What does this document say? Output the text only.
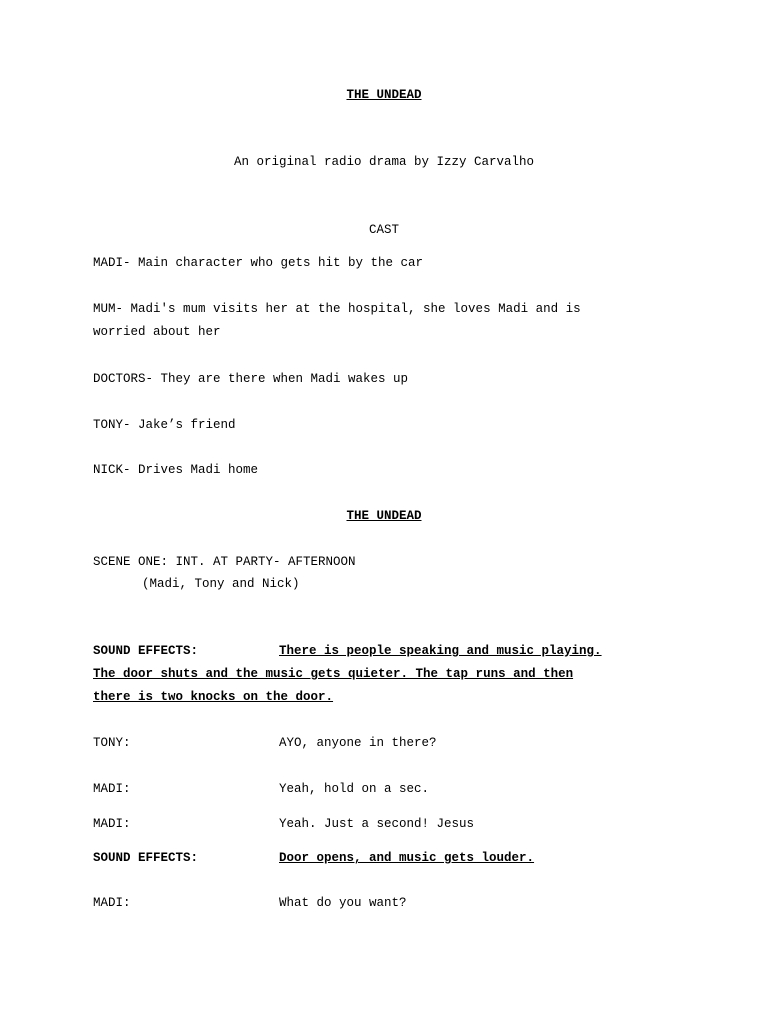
THE UNDEAD
An original radio drama by Izzy Carvalho
CAST
MADI- Main character who gets hit by the car
MUM- Madi's mum visits her at the hospital, she loves Madi and is
worried about her
DOCTORS- They are there when Madi wakes up
TONY- Jake’s friend
NICK- Drives Madi home
THE UNDEAD
SCENE ONE: INT. AT PARTY- AFTERNOON
(Madi, Tony and Nick)
SOUND EFFECTS:	There is people speaking and music playing.
The door shuts and the music gets quieter. The tap runs and then
there is two knocks on the door.
TONY:	AYO, anyone in there?
MADI:	Yeah, hold on a sec.
MADI:	Yeah. Just a second! Jesus
SOUND EFFECTS:	Door opens, and music gets louder.
MADI:	What do you want?
